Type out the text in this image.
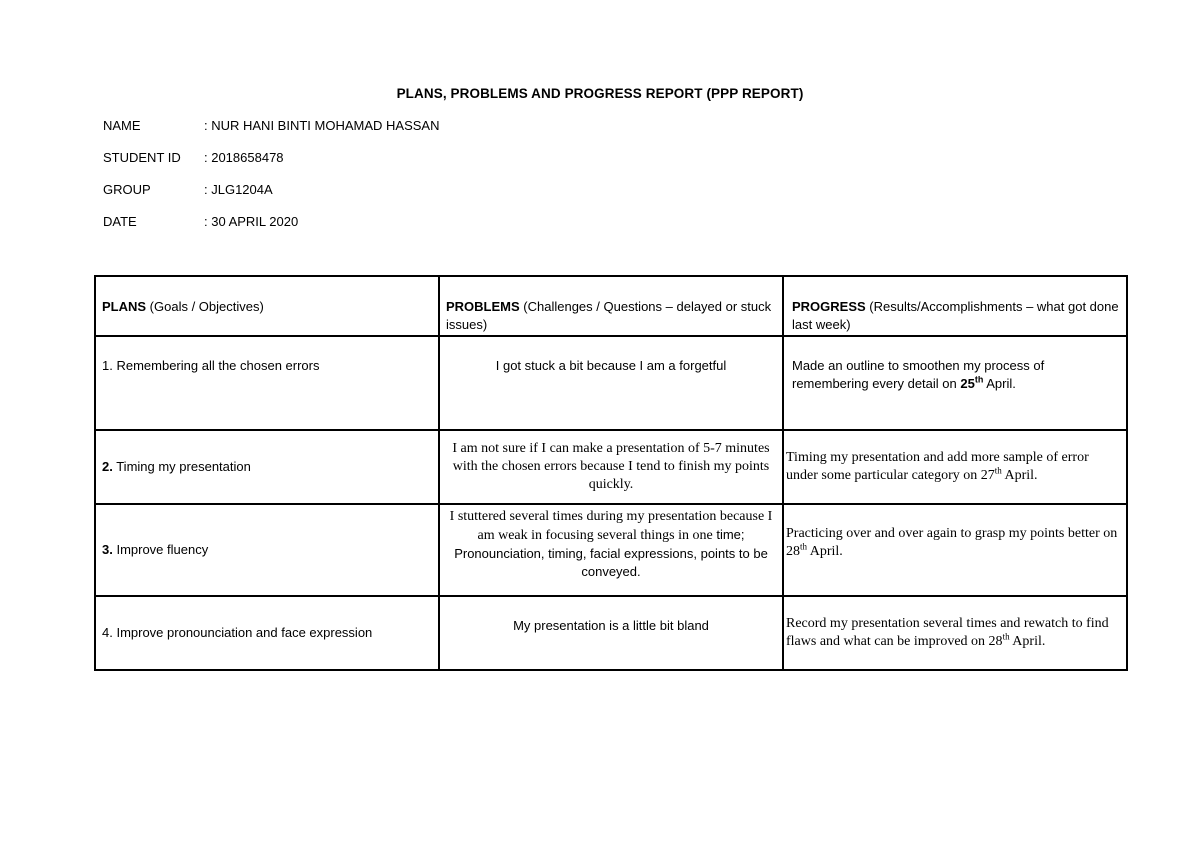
PLANS, PROBLEMS AND PROGRESS REPORT (PPP REPORT)
NAME	: NUR HANI BINTI MOHAMAD HASSAN
STUDENT ID	: 2018658478
GROUP	: JLG1204A
DATE	: 30 APRIL 2020
PLANS (Goals / Objectives)	PROBLEMS (Challenges / Questions – delayed or stuck issues)	PROGRESS (Results/Accomplishments – what got done last week)

1. Remembering all the chosen errors	I got stuck a bit because I am a forgetful	Made an outline to smoothen my process of remembering every detail on 25th April.
2. Timing my presentation	I am not sure if I can make a presentation of 5-7 minutes with the chosen errors because I tend to finish my points quickly.	Timing my presentation and add more sample of error under some particular category on 27th April.
3. Improve fluency	I stuttered several times during my presentation because I am weak in focusing several things in one time; Pronounciation, timing, facial expressions, points to be conveyed.	Practicing over and over again to grasp my points better on 28th April.
4. Improve pronounciation and face expression	My presentation is a little bit bland	Record my presentation several times and rewatch to find flaws and what can be improved on 28th April.
